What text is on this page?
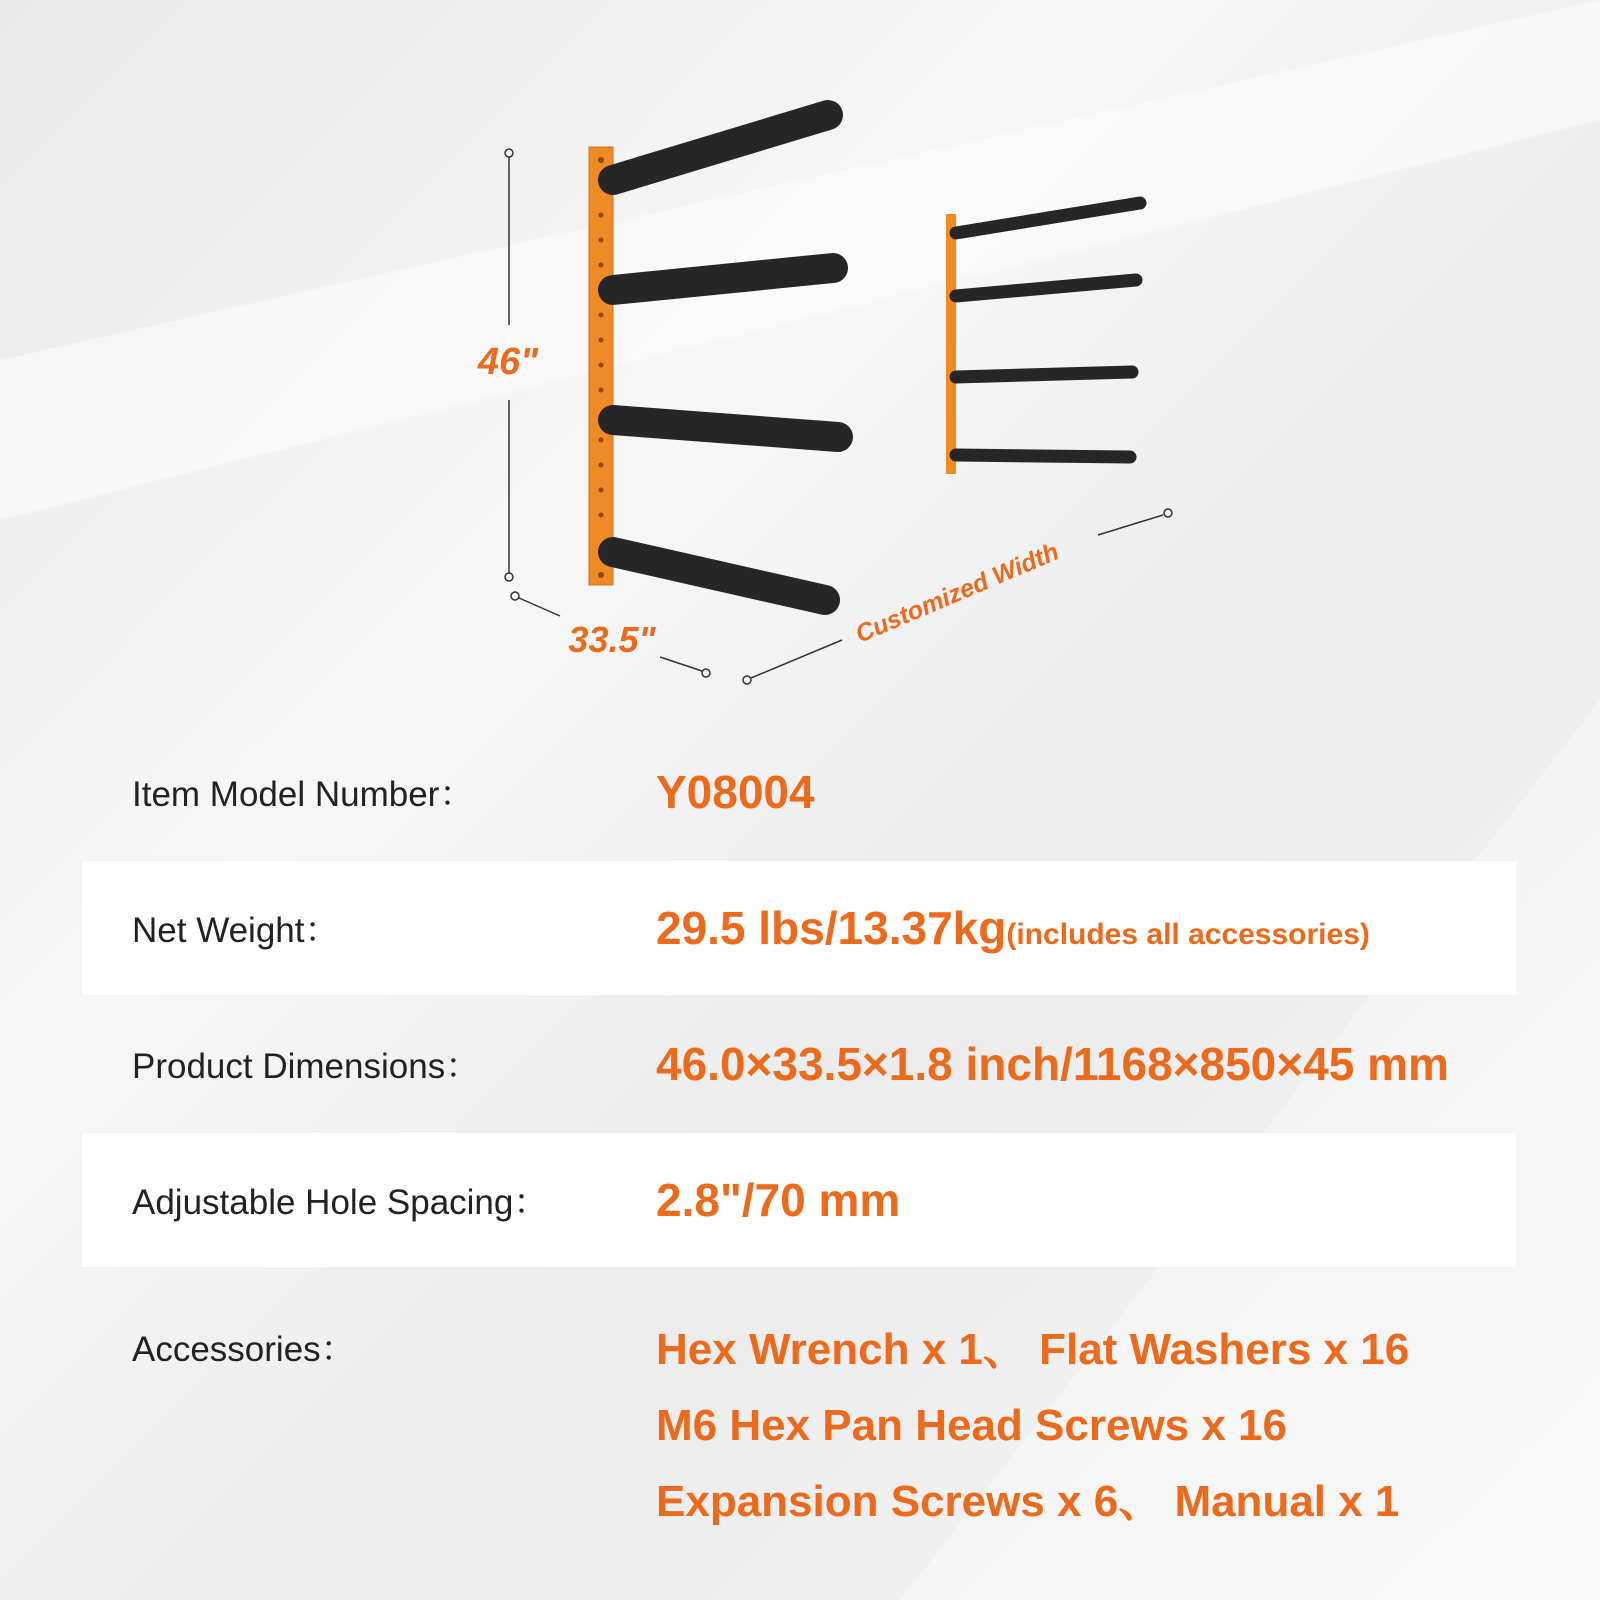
46"
33.5"	Customized Width
Item Model Number：	Y08004
Net Weight：	29.5 lbs/13.37kg(includes all accessories)
Product Dimensions：	46.0×33.5×1.8 inch/1168×850×45 mm
Adjustable Hole Spacing： 2.8"/70 mm
Accessories：	Hex Wrench x 1、 Flat Washers x 16
M6 Hex Pan Head Screws x 16
Expansion Screws x 6、 Manual x 1
